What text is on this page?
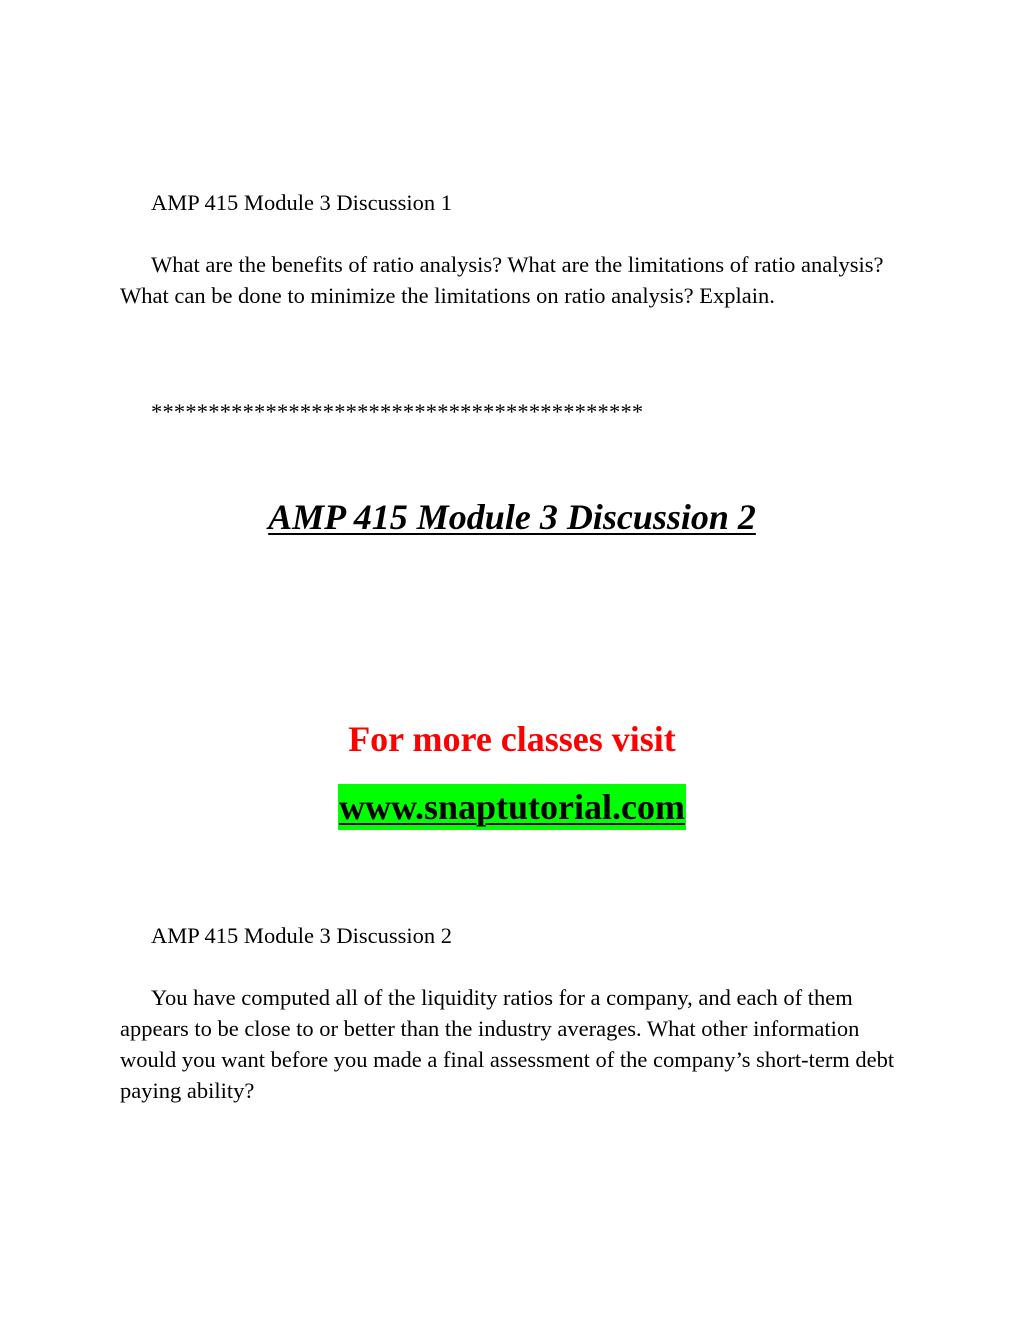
AMP 415 Module 3 Discussion 1

What are the benefits of ratio analysis? What are the limitations of ratio analysis? What can be done to minimize the limitations on ratio analysis? Explain.

*******************************************
AMP 415 Module 3 Discussion 2
For more classes visit
www.snaptutorial.com

AMP 415 Module 3 Discussion 2

You have computed all of the liquidity ratios for a company, and each of them appears to be close to or better than the industry averages. What other information would you want before you made a final assessment of the company’s short-term debt paying ability?
